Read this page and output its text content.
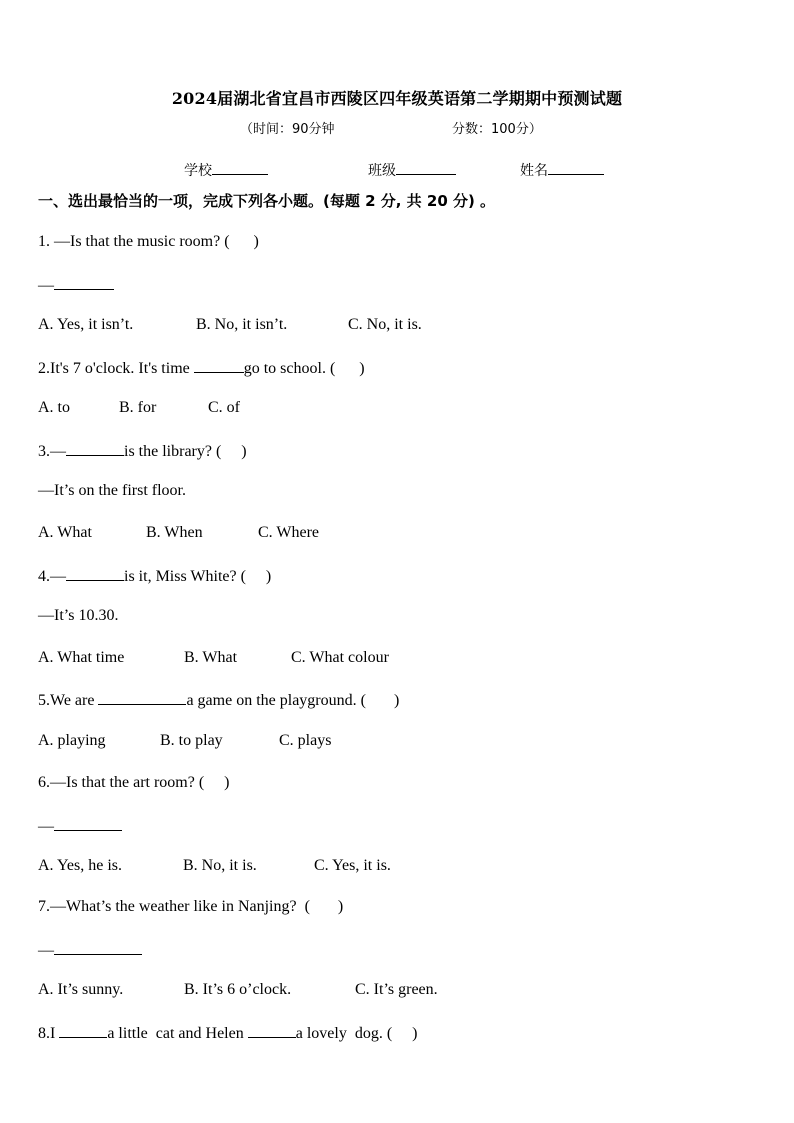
2024届湖北省宜昌市西陵区四年级英语第二学期期中预测试题
（时间：90分钟	分数：100分）
学校	班级	姓名
一、选出最恰当的一项，完成下列各小题。(每题 2 分, 共 20 分) 。
1. —Is that the music room? (      )
—
A. Yes, it isn’t.	B. No, it isn’t.	C. No, it is.
2.It's 7 o'clock. It's time	go to school. (      )
A. to	B. for	C. of
3.—	is the library? (     )
—It’s on the first floor.
A. What	B. When	C. Where
4.—	is it, Miss White? (     )
—It’s 10.30.
A. What time	B. What	C. What colour
5.We are	a game on the playground. (       )
A. playing	B. to play	C. plays
6.—Is that the art room? (     )
—
A. Yes, he is.	B. No, it is.	C. Yes, it is.
7.—What’s the weather like in Nanjing?  (       )
—
A. It’s sunny.	B. It’s 6 o’clock.	C. It’s green.
8.I	a little  cat and Helen	a lovely  dog. (     )
